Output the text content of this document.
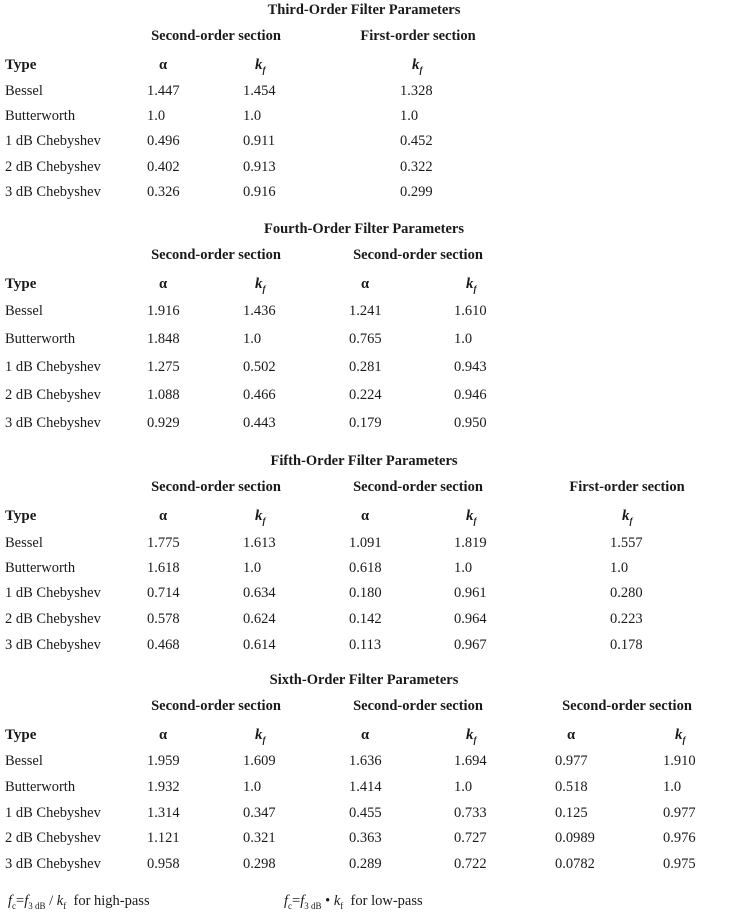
Third-Order Filter Parameters
Second-order section	First-order section
Type	α	$k_f$	$k_f$
Bessel	1.447	1.454	1.328
Butterworth	1.0	1.0	1.0
1 dB Chebyshev	0.496	0.911	0.452
2 dB Chebyshev	0.402	0.913	0.322
3 dB Chebyshev	0.326	0.916	0.299
Fourth-Order Filter Parameters
Second-order section	Second-order section
Type	α	$k_f$	α	$k_f$
Bessel	1.916	1.436	1.241	1.610
Butterworth	1.848	1.0	0.765	1.0
1 dB Chebyshev	1.275	0.502	0.281	0.943
2 dB Chebyshev	1.088	0.466	0.224	0.946
3 dB Chebyshev	0.929	0.443	0.179	0.950
Fifth-Order Filter Parameters
Second-order section	Second-order section	First-order section
Type	α	$k_f$	α	$k_f$	$k_f$
Bessel	1.775	1.613	1.091	1.819	1.557
Butterworth	1.618	1.0	0.618	1.0	1.0
1 dB Chebyshev	0.714	0.634	0.180	0.961	0.280
2 dB Chebyshev	0.578	0.624	0.142	0.964	0.223
3 dB Chebyshev	0.468	0.614	0.113	0.967	0.178
Sixth-Order Filter Parameters
Second-order section	Second-order section	Second-order section
Type	α	$k_f$	α	$k_f$	α	$k_f$
Bessel	1.959	1.609	1.636	1.694	0.977	1.910
Butterworth	1.932	1.0	1.414	1.0	0.518	1.0
1 dB Chebyshev	1.314	0.347	0.455	0.733	0.125	0.977
2 dB Chebyshev	1.121	0.321	0.363	0.727	0.0989	0.976
3 dB Chebyshev	0.958	0.298	0.289	0.722	0.0782	0.975
$f_c=f_{3 dB} / k_f$ for high-pass	$f_c=f_{3 dB}$ • $k_f$ for low-pass
